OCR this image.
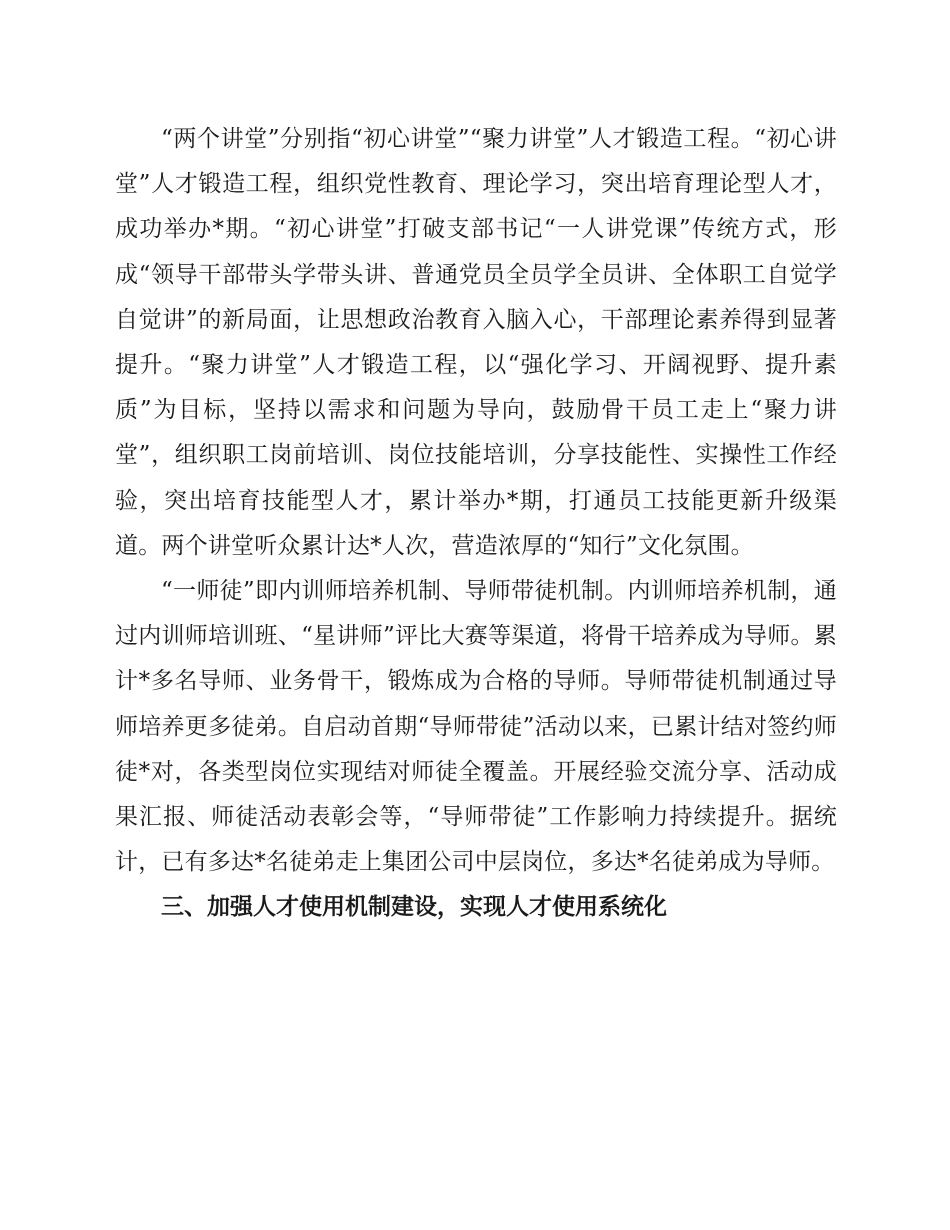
“两个讲堂”分别指“初心讲堂”“聚力讲堂”人才锻造工程。“初心讲堂”人才锻造工程，组织党性教育、理论学习，突出培育理论型人才，成功举办*期。“初心讲堂”打破支部书记“一人讲党课”传统方式，形成“领导干部带头学带头讲、普通党员全员学全员讲、全体职工自觉学自觉讲”的新局面，让思想政治教育入脑入心，干部理论素养得到显著提升。“聚力讲堂”人才锻造工程，以“强化学习、开阔视野、提升素质”为目标，坚持以需求和问题为导向，鼓励骨干员工走上“聚力讲堂”，组织职工岗前培训、岗位技能培训，分享技能性、实操性工作经验，突出培育技能型人才，累计举办*期，打通员工技能更新升级渠道。两个讲堂听众累计达*人次，营造浓厚的“知行”文化氛围。

“一师徒”即内训师培养机制、导师带徒机制。内训师培养机制，通过内训师培训班、“星讲师”评比大赛等渠道，将骨干培养成为导师。累计*多名导师、业务骨干，锻炼成为合格的导师。导师带徒机制通过导师培养更多徒弟。自启动首期“导师带徒”活动以来，已累计结对签约师徒*对，各类型岗位实现结对师徒全覆盖。开展经验交流分享、活动成果汇报、师徒活动表彰会等，“导师带徒”工作影响力持续提升。据统计，已有多达*名徒弟走上集团公司中层岗位，多达*名徒弟成为导师。

三、加强人才使用机制建设，实现人才使用系统化
